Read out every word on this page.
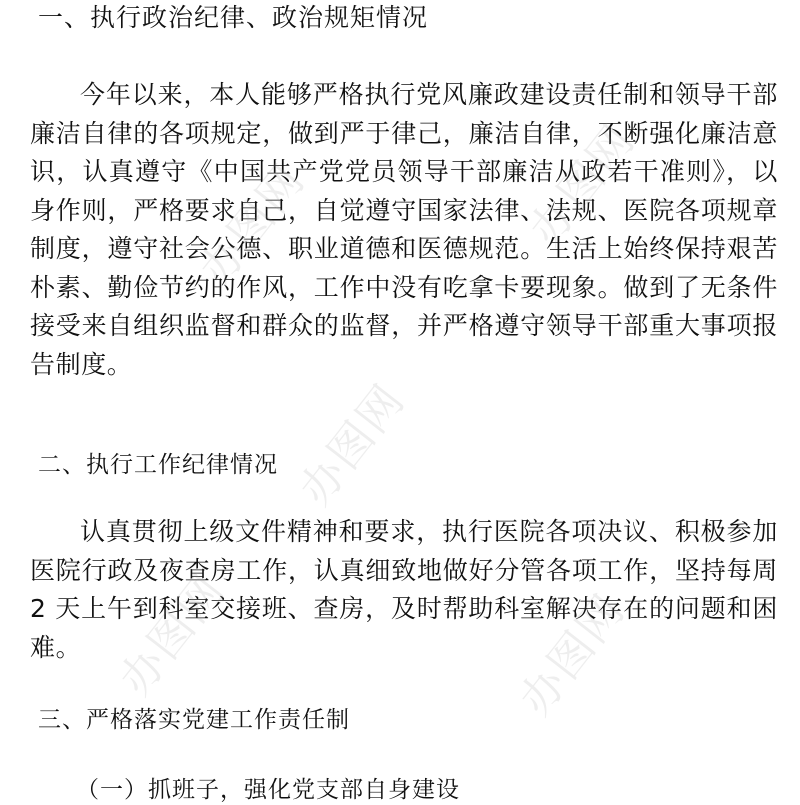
一、执行政治纪律、政治规矩情况
今年以来，本人能够严格执行党风廉政建设责任制和领导干部廉洁自律的各项规定，做到严于律己，廉洁自律，不断强化廉洁意识，认真遵守《中国共产党党员领导干部廉洁从政若干准则》，以身作则，严格要求自己，自觉遵守国家法律、法规、医院各项规章制度，遵守社会公德、职业道德和医德规范。生活上始终保持艰苦朴素、勤俭节约的作风，工作中没有吃拿卡要现象。做到了无条件接受来自组织监督和群众的监督，并严格遵守领导干部重大事项报告制度。
二、执行工作纪律情况
认真贯彻上级文件精神和要求，执行医院各项决议、积极参加医院行政及夜查房工作，认真细致地做好分管各项工作，坚持每周 2 天上午到科室交接班、查房，及时帮助科室解决存在的问题和困难。
三、严格落实党建工作责任制
（一）抓班子，强化党支部自身建设
办图网
办图网
办图网
办图网	办图网
